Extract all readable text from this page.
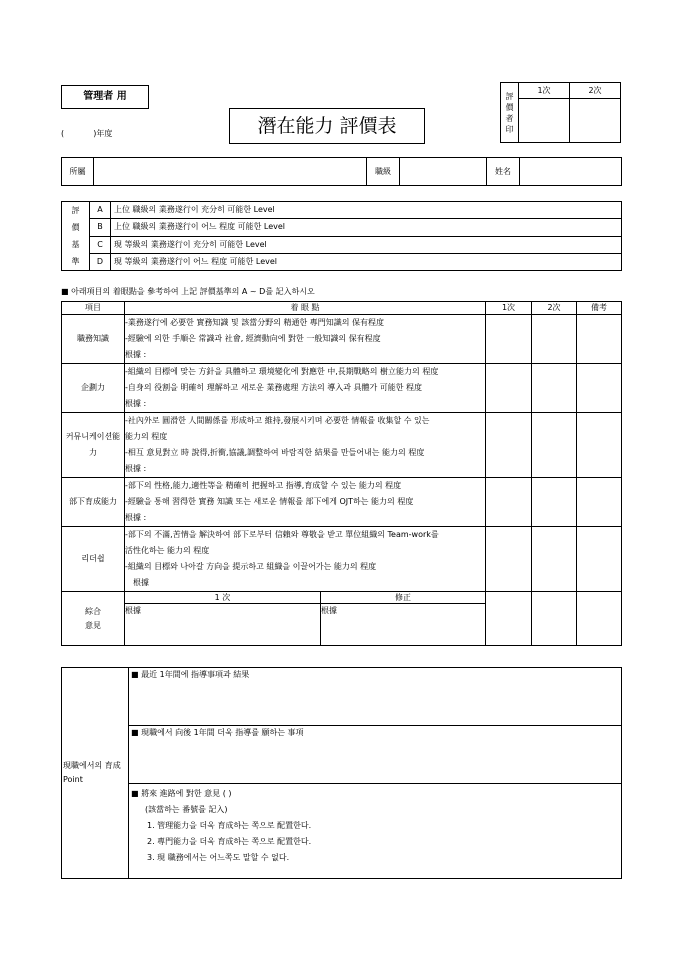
管理者 用
(	)年度	潛在能力 評價表
評價者印	1次	2次

所屬		職級		姓名	
評價基準	A	上位 職級의 業務遂行이 充分히 可能한 Level
	B	上位 職級의 業務遂行이 어느 程度 可能한 Level
	C	現 等級의 業務遂行이 充分히 可能한 Level
	D	現 等級의 業務遂行이 어느 程度 可能한 Level
■ 아래項目의 着眼點을 參考하여 上記 評價基準의 A ~ D를 記入하시오
項目	着 眼 點		1次	2次	備考
職務知識	-業務遂行에 必要한 實務知識 및 該當分野의 精通한 專門知識의 保有程度
-經驗에 의한 手順은 常識과 社會, 經濟動向에 對한 一般知識의 保有程度
根據 :				

企劃力	-組織의 目標에 맞는 方針을 具體하고 環境變化에 對應한 中,長期戰略의 樹立能力의 程度
-自身의 役割을 明確히 理解하고 새로운 業務處理 方法의 導入과 具體가 可能한 程度
根據 :				

커뮤니케이션能力	-社內外로 圓滑한 人間關係를 形成하고 維持,發展시키며 必要한 情報를 收集할 수 있는
能力의 程度
-相互 意見對立 時 說得,折衝,協議,調整하여 바람직한 結果를 만들어내는 能力의 程度
根據 :				

部下育成能力	-部下의 性格,能力,適性等을 精確히 把握하고 指導,育成할 수 있는 能力의 程度
-經驗을 통해 習得한 實務 知識 또는 새로운 情報를 部下에게 OJT하는 能力의 程度
根據 :				

리더쉽	-部下의 不滿,苦情을 解決하여 部下로부터 信賴와 尊敬을 받고 單位組織의 Team-work를
活性化하는 能力의 程度
-組織의 目標와 나아갈 方向을 提示하고 組織을 이끌어가는 能力의 程度
根據				

綜合意見	1 次	修正			

	根據	根據			
現職에서의 育成 Point

■ 最近 1年間에 指導事項과 結果

■ 現職에서 向後 1年間 더욱 指導를 願하는 事項

■ 將來 進路에 對한 意見 ( )
(該當하는 番號를 記入)
1. 管理能力을 더욱 育成하는 쪽으로 配置한다.
2. 專門能力을 더욱 育成하는 쪽으로 配置한다.
3. 現 職務에서는 어느쪽도 말할 수 없다.
